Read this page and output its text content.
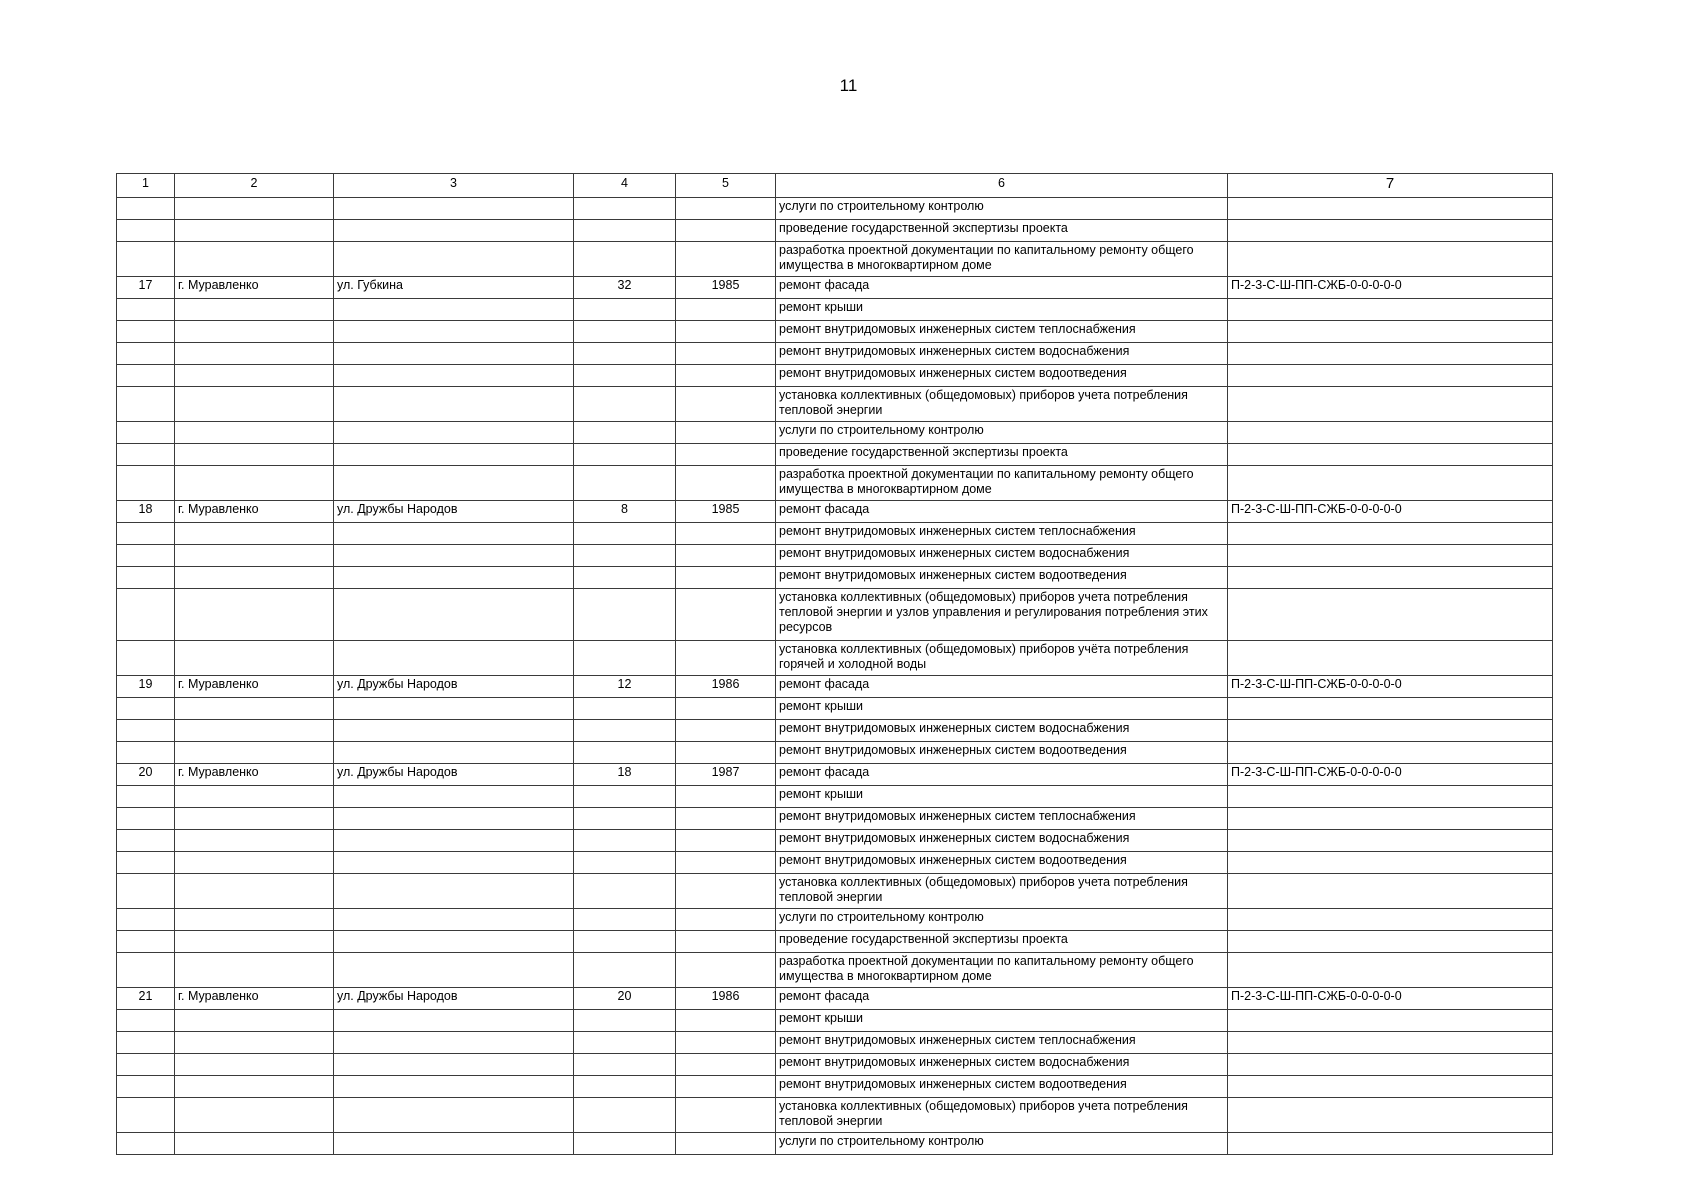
11
1	2	3	4	5	6	7
					услуги по строительному контролю	
					проведение государственной экспертизы проекта	
					разработка проектной документации по капитальному ремонту общего имущества в многоквартирном доме	
17	г. Муравленко	ул. Губкина	32	1985	ремонт фасада	П-2-3-С-Ш-ПП-СЖБ-0-0-0-0-0
					ремонт крыши	
					ремонт внутридомовых инженерных систем теплоснабжения	
					ремонт внутридомовых инженерных систем водоснабжения	
					ремонт внутридомовых инженерных систем водоотведения	
					установка коллективных (общедомовых) приборов учета потребления тепловой энергии	
					услуги по строительному контролю	
					проведение государственной экспертизы проекта	
					разработка проектной документации по капитальному ремонту общего имущества в многоквартирном доме	
18	г. Муравленко	ул. Дружбы Народов	8	1985	ремонт фасада	П-2-3-С-Ш-ПП-СЖБ-0-0-0-0-0
					ремонт внутридомовых инженерных систем теплоснабжения	
					ремонт внутридомовых инженерных систем водоснабжения	
					ремонт внутридомовых инженерных систем водоотведения	
					установка коллективных (общедомовых) приборов учета потребления тепловой энергии и узлов управления и регулирования потребления этих ресурсов	
					установка коллективных (общедомовых) приборов учёта потребления горячей и холодной воды	
19	г. Муравленко	ул. Дружбы Народов	12	1986	ремонт фасада	П-2-3-С-Ш-ПП-СЖБ-0-0-0-0-0
					ремонт крыши	
					ремонт внутридомовых инженерных систем водоснабжения	
					ремонт внутридомовых инженерных систем водоотведения	
20	г. Муравленко	ул. Дружбы Народов	18	1987	ремонт фасада	П-2-3-С-Ш-ПП-СЖБ-0-0-0-0-0
					ремонт крыши	
					ремонт внутридомовых инженерных систем теплоснабжения	
					ремонт внутридомовых инженерных систем водоснабжения	
					ремонт внутридомовых инженерных систем водоотведения	
					установка коллективных (общедомовых) приборов учета потребления тепловой энергии	
					услуги по строительному контролю	
					проведение государственной экспертизы проекта	
					разработка проектной документации по капитальному ремонту общего имущества в многоквартирном доме	
21	г. Муравленко	ул. Дружбы Народов	20	1986	ремонт фасада	П-2-3-С-Ш-ПП-СЖБ-0-0-0-0-0
					ремонт крыши	
					ремонт внутридомовых инженерных систем теплоснабжения	
					ремонт внутридомовых инженерных систем водоснабжения	
					ремонт внутридомовых инженерных систем водоотведения	
					установка коллективных (общедомовых) приборов учета потребления тепловой энергии	
					услуги по строительному контролю	
